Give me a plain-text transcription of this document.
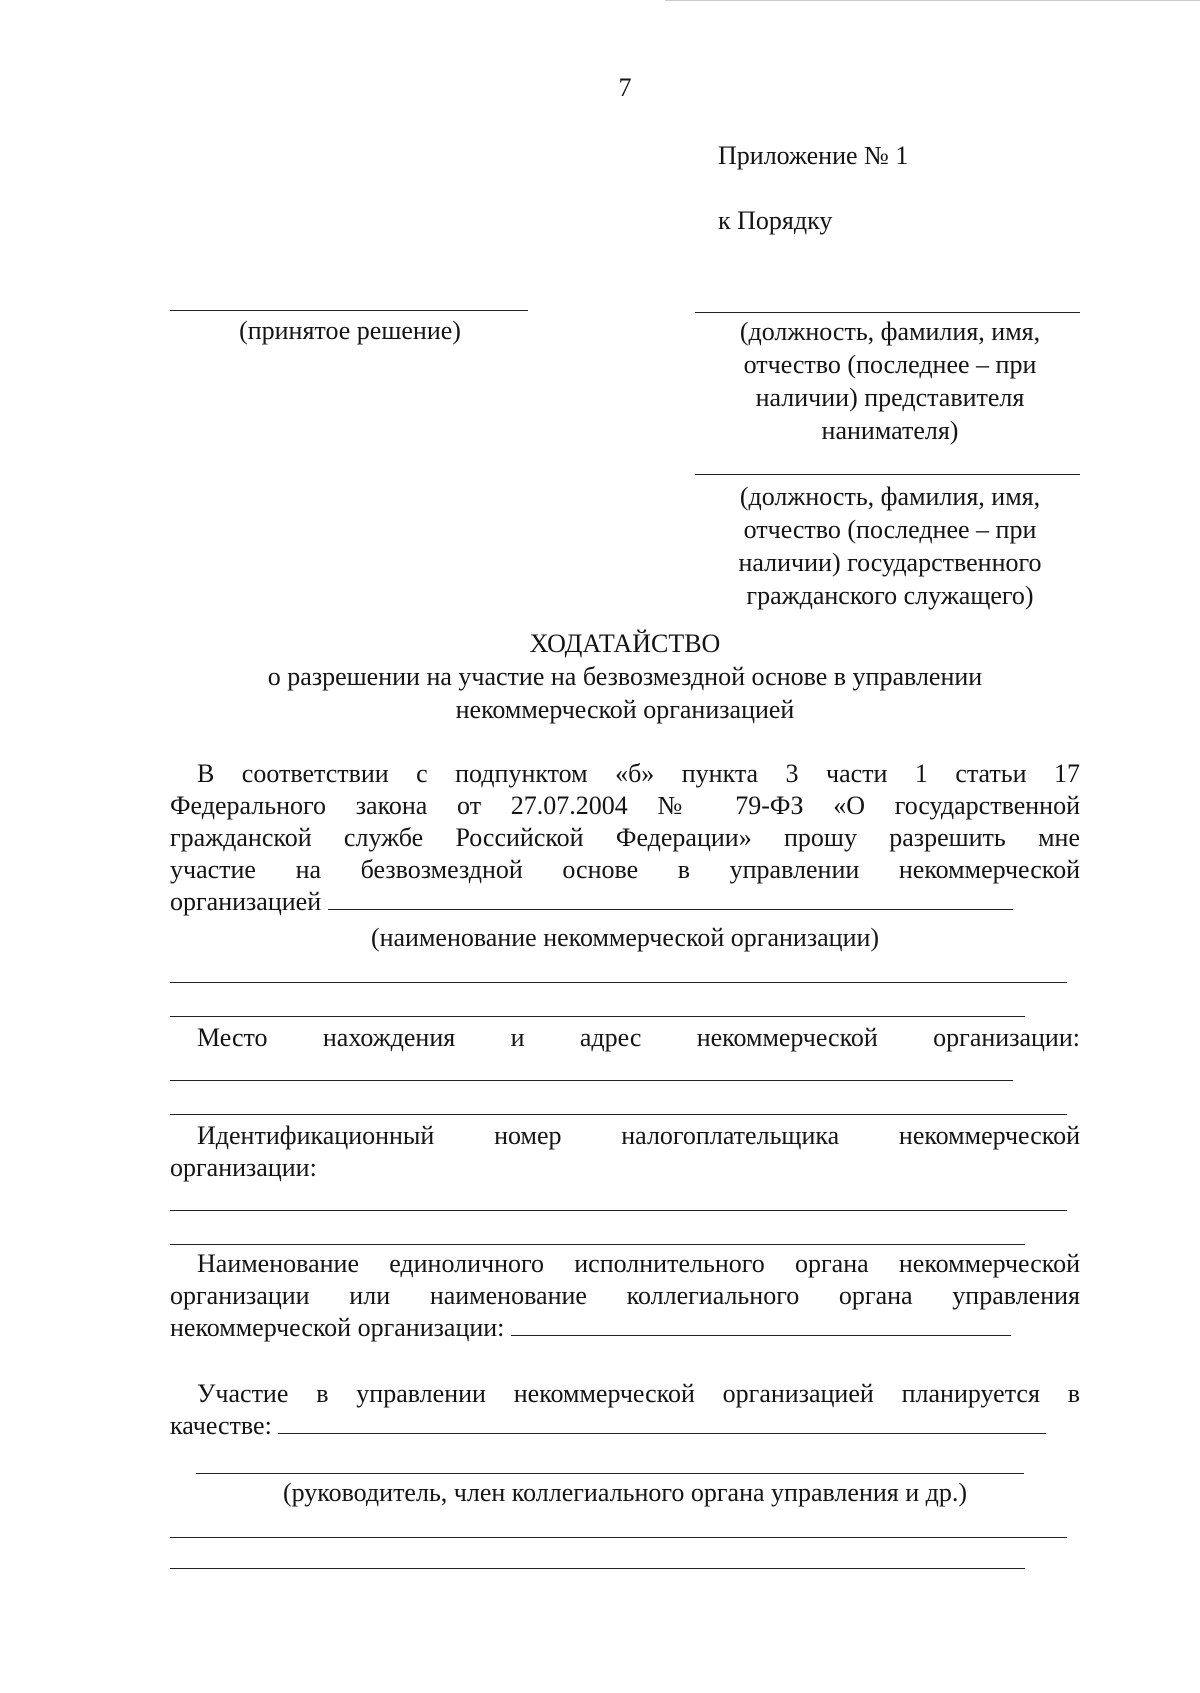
7
Приложение № 1
к Порядку
(принятое решение)	(должность, фамилия, имя,
отчество (последнее – при
наличии) представителя
нанимателя)
(должность, фамилия, имя,
отчество (последнее – при
наличии) государственного
гражданского служащего)
ХОДАТАЙСТВО
о разрешении на участие на безвозмездной основе в управлении
некоммерческой организацией
В соответствии с подпунктом «б» пункта 3 части 1 статьи 17
Федерального закона от 27.07.2004 № 79-ФЗ «О государственной
гражданской службе Российской Федерации» прошу разрешить мне
участие на безвозмездной основе в управлении некоммерческой
организацией
(наименование некоммерческой организации)
Место нахождения и адрес некоммерческой организации:
Идентификационный номер налогоплательщика некоммерческой
организации:
Наименование единоличного исполнительного органа некоммерческой
организации или наименование коллегиального органа управления
некоммерческой организации:
Участие в управлении некоммерческой организацией планируется в
качестве:
(руководитель, член коллегиального органа управления и др.)
